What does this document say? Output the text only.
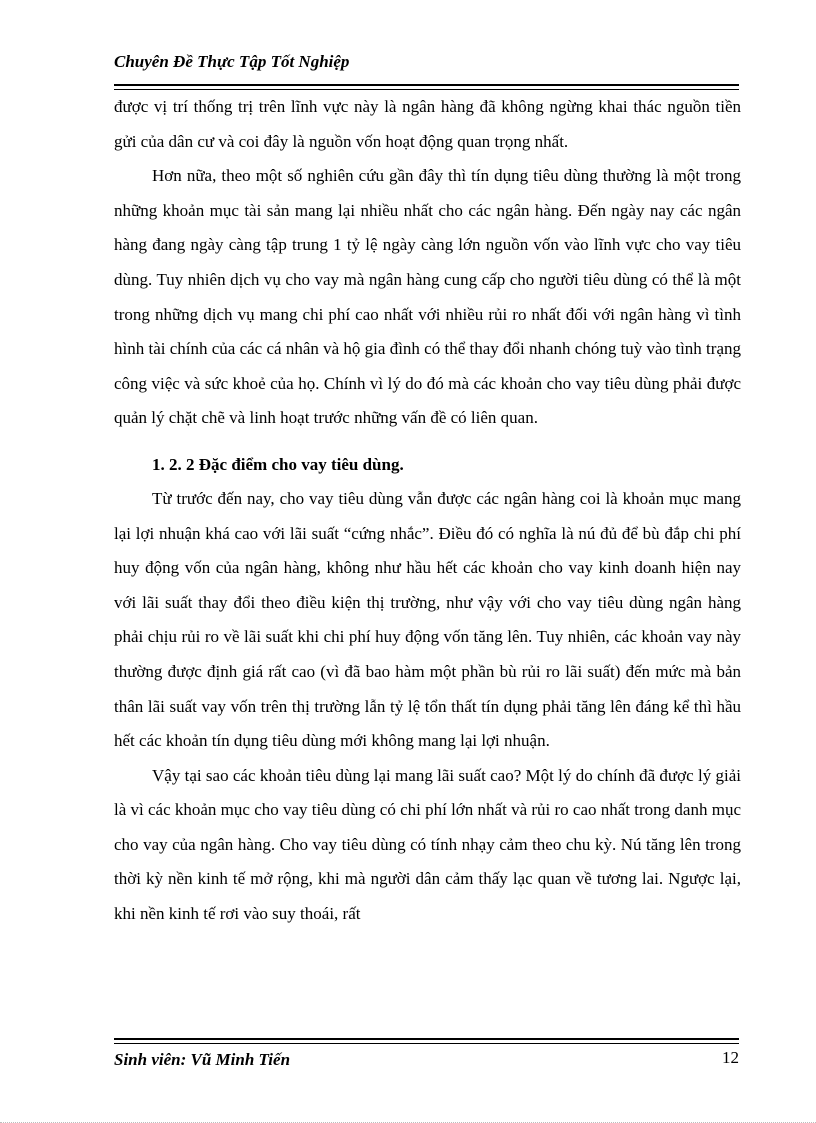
Chuyên Đề Thực Tập Tốt Nghiệp

được vị trí thống trị trên lĩnh vực này là ngân hàng đã không ngừng khai thác nguồn tiền gửi của dân cư và coi đây là nguồn vốn hoạt động quan trọng nhất.

Hơn nữa, theo một số nghiên cứu gần đây thì tín dụng tiêu dùng thường là một trong những khoản mục tài sản mang lại nhiều nhất cho các ngân hàng. Đến ngày nay các ngân hàng đang ngày càng tập trung 1 tỷ lệ ngày càng lớn nguồn vốn vào lĩnh vực cho vay tiêu dùng. Tuy nhiên dịch vụ cho vay mà ngân hàng cung cấp cho người tiêu dùng có thể là một trong những dịch vụ mang chi phí cao nhất với nhiều rủi ro nhất đối với ngân hàng vì tình hình tài chính của các cá nhân và hộ gia đình có thể thay đổi nhanh chóng tuỳ vào tình trạng công việc và sức khoẻ của họ. Chính vì lý do đó mà các khoản cho vay tiêu dùng phải được quản lý chặt chẽ và linh hoạt trước những vấn đề có liên quan.

1. 2. 2 Đặc điểm cho vay tiêu dùng.

Từ trước đến nay, cho vay tiêu dùng vẫn được các ngân hàng coi là khoản mục mang lại lợi nhuận khá cao với lãi suất “cứng nhắc”. Điều đó có nghĩa là nú đủ để bù đắp chi phí huy động vốn của ngân hàng, không như hầu hết các khoản cho vay kinh doanh hiện nay với lãi suất thay đổi theo điều kiện thị trường, như vậy với cho vay tiêu dùng ngân hàng phải chịu rủi ro về lãi suất khi chi phí huy động vốn tăng lên. Tuy nhiên, các khoản vay này thường được định giá rất cao (vì đã bao hàm một phần bù rủi ro lãi suất) đến mức mà bản thân lãi suất vay vốn trên thị trường lẫn tỷ lệ tổn thất tín dụng phải tăng lên đáng kể thì hầu hết các khoản tín dụng tiêu dùng mới không mang lại lợi nhuận.

Vậy tại sao các khoản tiêu dùng lại mang lãi suất cao? Một lý do chính đã được lý giải là vì các khoản mục cho vay tiêu dùng có chi phí lớn nhất và rủi ro cao nhất trong danh mục cho vay của ngân hàng. Cho vay tiêu dùng có tính nhạy cảm theo chu kỳ. Nú tăng lên trong thời kỳ nền kinh tế mở rộng, khi mà người dân cảm thấy lạc quan về tương lai. Ngược lại, khi nền kinh tế rơi vào suy thoái, rất

Sinh viên: Vũ Minh Tiến	12
